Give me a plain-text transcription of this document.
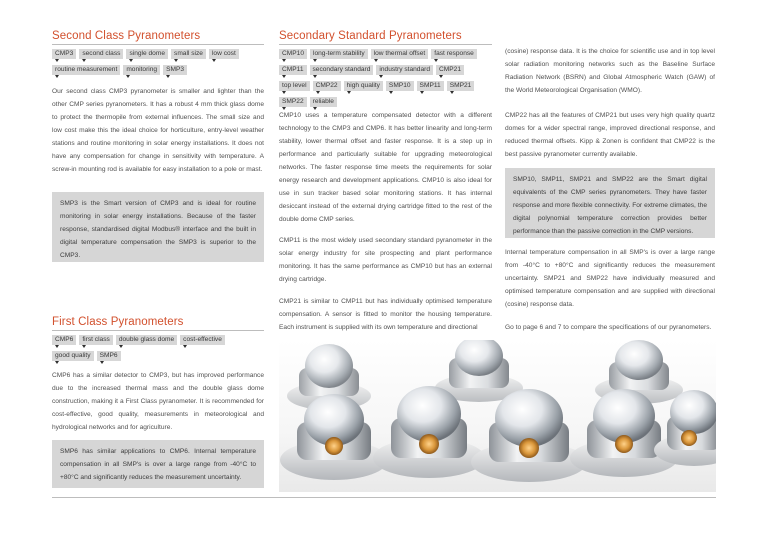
Second Class Pyranometers
CMP3	second class	single dome	small size	low cost
routine measurement	monitoring	SMP3

Our second class CMP3 pyranometer is smaller and lighter than the other CMP series pyranometers. It has a robust 4 mm thick glass dome to protect the thermopile from external influences. The small size and low cost make this the ideal choice for horticulture, entry-level weather stations and routine monitoring in solar energy installations. It does not have any compensation for change in sensitivity with temperature. A screw-in mounting rod is available for easy installation to a pole or mast.

SMP3 is the Smart version of CMP3 and is ideal for routine monitoring in solar energy installations. Because of the faster response, standardised digital Modbus® interface and the built in digital temperature compensation the SMP3 is superior to the CMP3.
First Class Pyranometers
CMP6	first class	double glass dome	cost-effective
good quality	SMP6

CMP6 has a similar detector to CMP3, but has improved performance due to the increased thermal mass and the double glass dome construction, making it a First Class pyranometer. It is recommended for cost-effective, good quality, measurements in meteorological and hydrological networks and for agriculture.

SMP6 has similar applications to CMP6. Internal temperature compensation in all SMP's is over a large range from -40°C to +80°C and significantly reduces the measurement uncertainty.
Secondary Standard Pyranometers
CMP10	long-term stability	low thermal offset	fast response
CMP11	secondary standard	industry standard	CMP21
top level	CMP22	high quality	SMP10	SMP11	SMP21
SMP22	reliable

CMP10 uses a temperature compensated detector with a different technology to the CMP3 and CMP6. It has better linearity and long-term stability, lower thermal offset and faster response. It is a step up in performance and particularly suitable for upgrading meteorological networks. The faster response time meets the requirements for solar energy research and development applications. CMP10 is also ideal for use in sun tracker based solar monitoring stations. It has internal desiccant instead of the external drying cartridge fitted to the rest of the double dome CMP series.

CMP11 is the most widely used secondary standard pyranometer in the solar energy industry for site prospecting and plant performance monitoring. It has the same performance as CMP10 but has an external drying cartridge.

CMP21 is similar to CMP11 but has individually optimised temperature compensation. A sensor is fitted to monitor the housing temperature. Each instrument is supplied with its own temperature and directional

(cosine) response data. It is the choice for scientific use and in top level solar radiation monitoring networks such as the Baseline Surface Radiation Network (BSRN) and Global Atmospheric Watch (GAW) of the World Meteorological Organisation (WMO).

CMP22 has all the features of CMP21 but uses very high quality quartz domes for a wider spectral range, improved directional response, and reduced thermal offsets. Kipp & Zonen is confident that CMP22 is the best passive pyranometer currently available.

SMP10, SMP11, SMP21 and SMP22 are the Smart digital equivalents of the CMP series pyranometers. They have faster response and more flexible connectivity. For extreme climates, the digital polynomial temperature correction provides better performance than the passive correction in the CMP versions.

Internal temperature compensation in all SMP's is over a large range from -40°C to +80°C and significantly reduces the measurement uncertainty. SMP21 and SMP22 have individually measured and optimised temperature compensation and are supplied with directional (cosine) response data.

Go to page 6 and 7 to compare the specifications of our pyranometers.
